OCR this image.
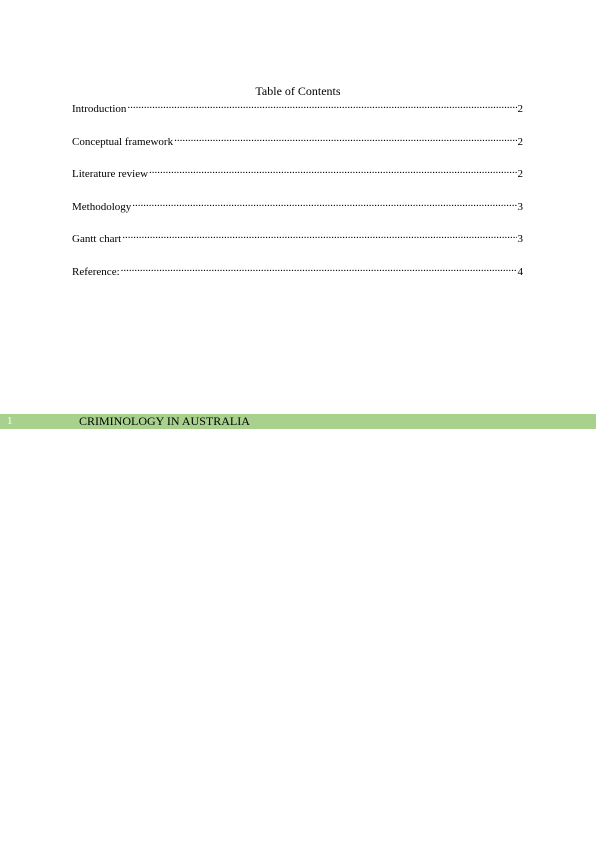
Table of Contents
Introduction .....	2
Conceptual framework .....	2
Literature review .....	2
Methodology .....	3
Gantt chart .....	3
Reference: .....	4
1	CRIMINOLOGY IN AUSTRALIA
